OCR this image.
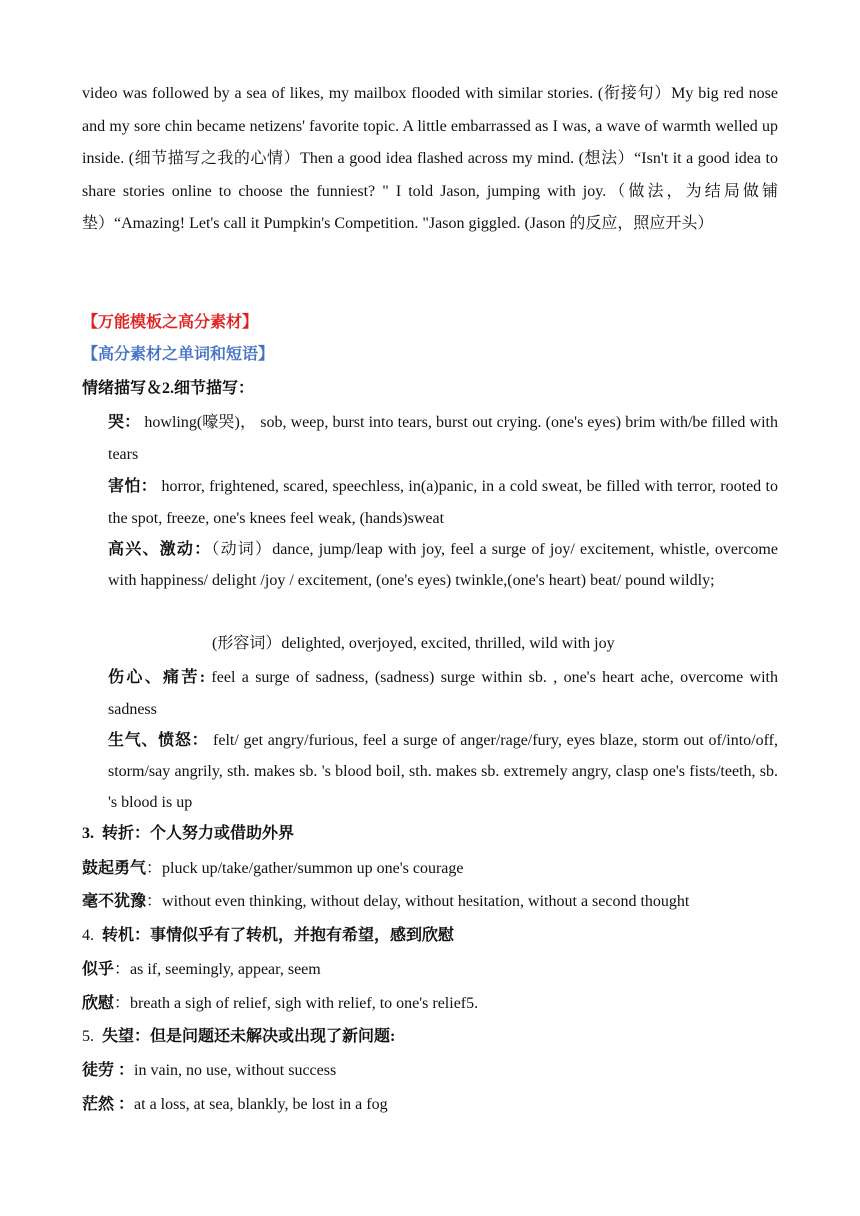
video was followed by a sea of likes, my mailbox flooded with similar stories. (衔接句）My big red nose and my sore chin became netizens' favorite topic. A little embarrassed as I was, a wave of warmth welled up inside. (细节描写之我的心情）Then a good idea flashed across my mind. (想法）“Isn't it a good idea to share stories online to choose the funniest? " I told Jason, jumping with joy.（做法，为结局做铺垫）“Amazing! Let's call it Pumpkin's Competition. "Jason giggled. (Jason 的反应，照应开头）

【万能模板之高分素材】

【高分素材之单词和短语】

情绪描写＆2.细节描写：

哭： howling(嚎哭)， sob, weep, burst into tears, burst out crying. (one's eyes) brim with/be filled with tears

害怕： horror, frightened, scared, speechless, in(a)panic, in a cold sweat, be filled with terror, rooted to the spot, freeze, one's knees feel weak, (hands)sweat

高兴、激动：（动词）dance, jump/leap with joy, feel a surge of joy/ excitement, whistle, overcome with happiness/ delight /joy / excitement, (one's eyes) twinkle,(one's heart) beat/ pound wildly;

(形容词）delighted, overjoyed, excited, thrilled, wild with joy

伤心、痛苦: feel a surge of sadness, (sadness) surge within sb. , one's heart ache, overcome with sadness

生气、愤怒： felt/ get angry/furious, feel a surge of anger/rage/fury, eyes blaze, storm out of/into/off, storm/say angrily, sth. makes sb. 's blood boil, sth. makes sb. extremely angry, clasp one's fists/teeth, sb. 's blood is up

3. 转折：个人努力或借助外界

鼓起勇气：pluck up/take/gather/summon up one's courage

毫不犹豫：without even thinking, without delay, without hesitation, without a second thought

4. 转机：事情似乎有了转机，并抱有希望，感到欣慰

似乎：as if, seemingly, appear, seem

欣慰：breath a sigh of relief, sigh with relief, to one's relief5.

5. 失望：但是问题还未解决或出现了新问题:

徒劳 ：in vain, no use, without success

茫然 ：at a loss, at sea, blankly, be lost in a fog
